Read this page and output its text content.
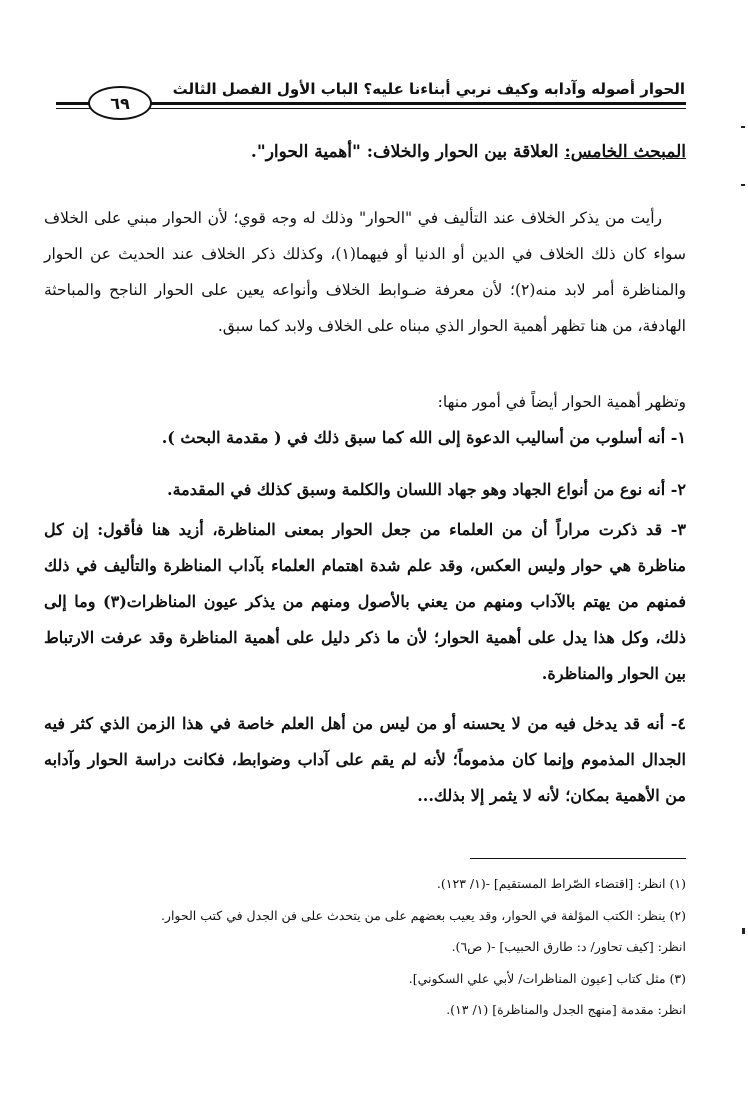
الحوار أصوله وآدابه وكيف نربي أبناءنا عليه؟ الباب الأول الفصل الثالث
٦٩
المبحث الخامس: العلاقة بين الحوار والخلاف: "أهمية الحوار".
رأيت من يذكر الخلاف عند التأليف في "الحوار" وذلك له وجه قوي؛ لأن الحوار مبني على الخلاف سواء كان ذلك الخلاف في الدين أو الدنيا أو فيهما(١)، وكذلك ذكر الخلاف عند الحديث عن الحوار والمناظرة أمر لابد منه(٢)؛ لأن معرفة ضـوابط الخلاف وأنواعه يعين على الحوار الناجح والمباحثة الهادفة، من هنا تظهر أهمية الحوار الذي مبناه على الخلاف ولابد كما سبق.
وتظهر أهمية الحوار أيضاً في أمور منها:
١- أنه أسلوب من أساليب الدعوة إلى الله كما سبق ذلك في ( مقدمة البحث ).
٢- أنه نوع من أنواع الجهاد وهو جهاد اللسان والكلمة وسبق كذلك في المقدمة.
٣- قد ذكرت مراراً أن من العلماء من جعل الحوار بمعنى المناظرة، أزيد هنا فأقول: إن كل مناظرة هي حوار وليس العكس، وقد علم شدة اهتمام العلماء بآداب المناظرة والتأليف في ذلك فمنهم من يهتم بالآداب ومنهم من يعني بالأصول ومنهم من يذكر عيون المناظرات(٣) وما إلى ذلك، وكل هذا يدل على أهمية الحوار؛ لأن ما ذكر دليل على أهمية المناظرة وقد عرفت الارتباط بين الحوار والمناظرة.
٤- أنه قد يدخل فيه من لا يحسنه أو من ليس من أهل العلم خاصة في هذا الزمن الذي كثر فيه الجدال المذموم وإنما كان مذموماً؛ لأنه لم يقم على آداب وضوابط، فكانت دراسة الحوار وآدابه من الأهمية بمكان؛ لأنه لا يثمر إلا بذلك...
(١) انظر: [اقتضاء الصّراط المستقيم] -(١/ ١٢٣).
(٢) ينظر: الكتب المؤلفة في الحوار، وقد يعيب بعضهم على من يتحدث على فن الجدل في كتب الحوار.
انظر: [كيف تحاور/ د: طارق الحبيب] -( ص٦).
(٣) مثل كتاب [عيون المناظرات/ لأبي علي السكوني].
انظر: مقدمة [منهج الجدل والمناظرة] (١/ ١٣).
